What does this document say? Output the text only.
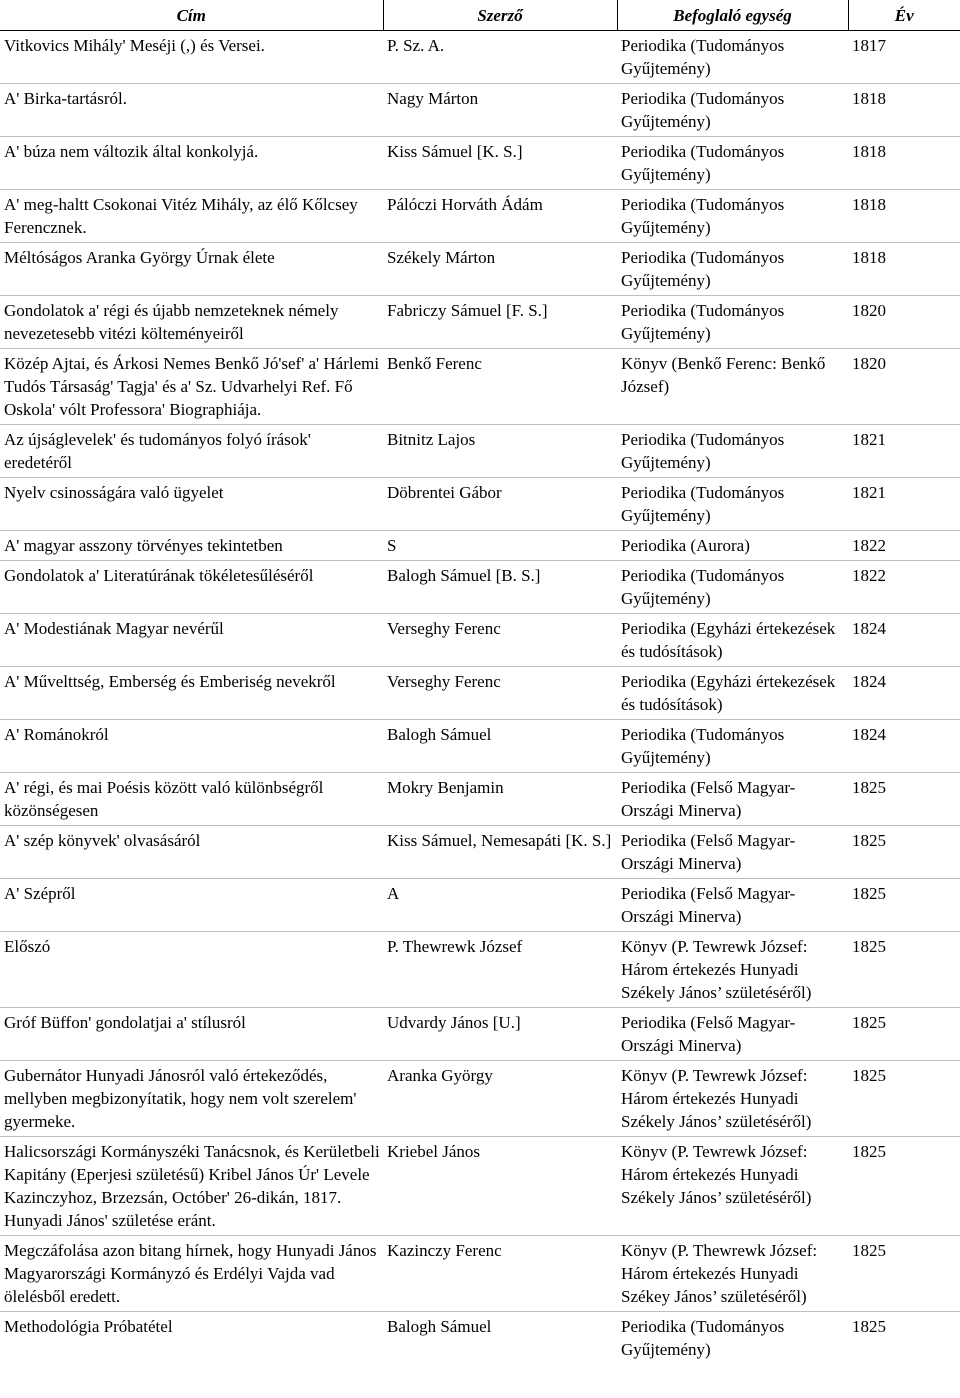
Cím	Szerző	Befoglaló egység	Év
Vitkovics Mihály' Meséji (,) és Versei.	P. Sz. A.	Periodika (Tudományos Gyűjtemény)	1817
A' Birka-tartásról.	Nagy Márton	Periodika (Tudományos Gyűjtemény)	1818
A' búza nem változik által konkolyjá.	Kiss Sámuel [K. S.]	Periodika (Tudományos Gyűjtemény)	1818
A' meg-haltt Csokonai Vitéz Mihály, az élő Kőlcsey Ferencznek.	Pálóczi Horváth Ádám	Periodika (Tudományos Gyűjtemény)	1818
Méltóságos Aranka György Úrnak élete	Székely Márton	Periodika (Tudományos Gyűjtemény)	1818
Gondolatok a' régi és újabb nemzeteknek némely nevezetesebb vitézi költeményeiről	Fabriczy Sámuel [F. S.]	Periodika (Tudományos Gyűjtemény)	1820
Közép Ajtai, és Árkosi Nemes Benkő Jó'sef' a' Hárlemi Tudós Társaság' Tagja' és a' Sz. Udvarhelyi Ref. Fő Oskola' vólt Professora' Biographiája.	Benkő Ferenc	Könyv (Benkő Ferenc: Benkő József)	1820
Az újságlevelek' és tudományos folyó írások' eredetéről	Bitnitz Lajos	Periodika (Tudományos Gyűjtemény)	1821
Nyelv csinosságára való ügyelet	Döbrentei Gábor	Periodika (Tudományos Gyűjtemény)	1821
A' magyar asszony törvényes tekintetben	S	Periodika (Aurora)	1822
Gondolatok a' Literatúrának tökéletesűléséről	Balogh Sámuel [B. S.]	Periodika (Tudományos Gyűjtemény)	1822
A' Modestiának Magyar nevérűl	Verseghy Ferenc	Periodika (Egyházi értekezések és tudósítások)	1824
A' Művelttség, Emberség és Emberiség nevekről	Verseghy Ferenc	Periodika (Egyházi értekezések és tudósítások)	1824
A' Románokról	Balogh Sámuel	Periodika (Tudományos Gyűjtemény)	1824
A' régi, és mai Poésis között való különbségről közönségesen	Mokry Benjamin	Periodika (Felső Magyar-Országi Minerva)	1825
A' szép könyvek' olvasásáról	Kiss Sámuel, Nemesapáti [K. S.]	Periodika (Felső Magyar-Országi Minerva)	1825
A' Szépről	A	Periodika (Felső Magyar-Országi Minerva)	1825
Előszó	P. Thewrewk József	Könyv (P. Tewrewk József: Három értekezés Hunyadi Székely János’ születéséről)	1825
Gróf Büffon' gondolatjai a' stílusról	Udvardy János [U.]	Periodika (Felső Magyar-Országi Minerva)	1825
Gubernátor Hunyadi Jánosról való értekeződés, mellyben megbizonyítatik, hogy nem volt szerelem' gyermeke.	Aranka György	Könyv (P. Tewrewk József: Három értekezés Hunyadi Székely János’ születéséről)	1825
Halicsországi Kormányszéki Tanácsnok, és Kerületbeli Kapitány (Eperjesi születésű) Kribel János Úr' Levele Kazinczyhoz, Brzezsán, Octóber' 26-dikán, 1817. Hunyadi János' születése eránt.	Kriebel János	Könyv (P. Tewrewk József: Három értekezés Hunyadi Székely János’ születéséről)	1825
Megczáfolása azon bitang hírnek, hogy Hunyadi János Magyarországi Kormányzó és Erdélyi Vajda vad ölelésből eredett.	Kazinczy Ferenc	Könyv (P. Thewrewk József: Három értekezés Hunyadi Székey János’ születéséről)	1825
Methodológia Próbatétel	Balogh Sámuel	Periodika (Tudományos Gyűjtemény)	1825
